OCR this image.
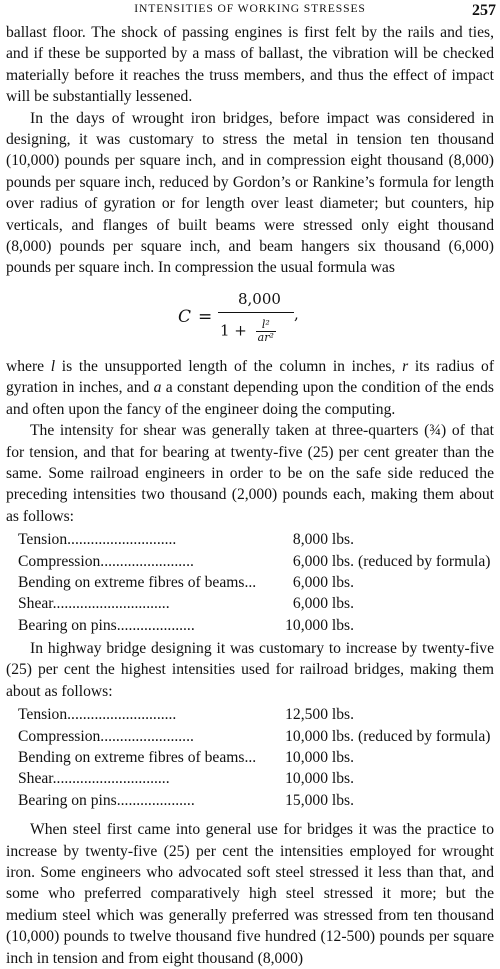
INTENSITIES OF WORKING STRESSES	257

ballast floor. The shock of passing engines is first felt by the rails and ties, and if these be supported by a mass of ballast, the vibration will be checked materially before it reaches the truss members, and thus the effect of impact will be substantially lessened.

In the days of wrought iron bridges, before impact was considered in designing, it was customary to stress the metal in tension ten thousand (10,000) pounds per square inch, and in compression eight thousand (8,000) pounds per square inch, reduced by Gordon’s or Rankine’s formula for length over radius of gyration or for length over least diameter; but counters, hip verticals, and flanges of built beams were stressed only eight thousand (8,000) pounds per square inch, and beam hangers six thousand (6,000) pounds per square inch. In compression the usual formula was

C =
8,000
,
$1 + \frac{\text{l²}}{\text{ar²}}$

where l is the unsupported length of the column in inches, r its radius of gyration in inches, and a a constant depending upon the condition of the ends and often upon the fancy of the engineer doing the computing.

The intensity for shear was generally taken at three-quarters (¾) of that for tension, and that for bearing at twenty-five (25) per cent greater than the same. Some railroad engineers in order to be on the safe side reduced the preceding intensities two thousand (2,000) pounds each, making them about as follows:

Tension............................	8,000 lbs.
Compression........................	6,000 lbs. (reduced by formula)
Bending on extreme fibres of beams...	6,000 lbs.
Shear..............................	6,000 lbs.
Bearing on pins....................	10,000 lbs.

In highway bridge designing it was customary to increase by twenty-five (25) per cent the highest intensities used for railroad bridges, making them about as follows:

Tension............................	12,500 lbs.
Compression........................	10,000 lbs. (reduced by formula)
Bending on extreme fibres of beams...	10,000 lbs.
Shear..............................	10,000 lbs.
Bearing on pins....................	15,000 lbs.

When steel first came into general use for bridges it was the practice to increase by twenty-five (25) per cent the intensities employed for wrought iron. Some engineers who advocated soft steel stressed it less than that, and some who preferred comparatively high steel stressed it more; but the medium steel which was generally preferred was stressed from ten thousand (10,000) pounds to twelve thousand five hundred (12-500) pounds per square inch in tension and from eight thousand (8,000)
